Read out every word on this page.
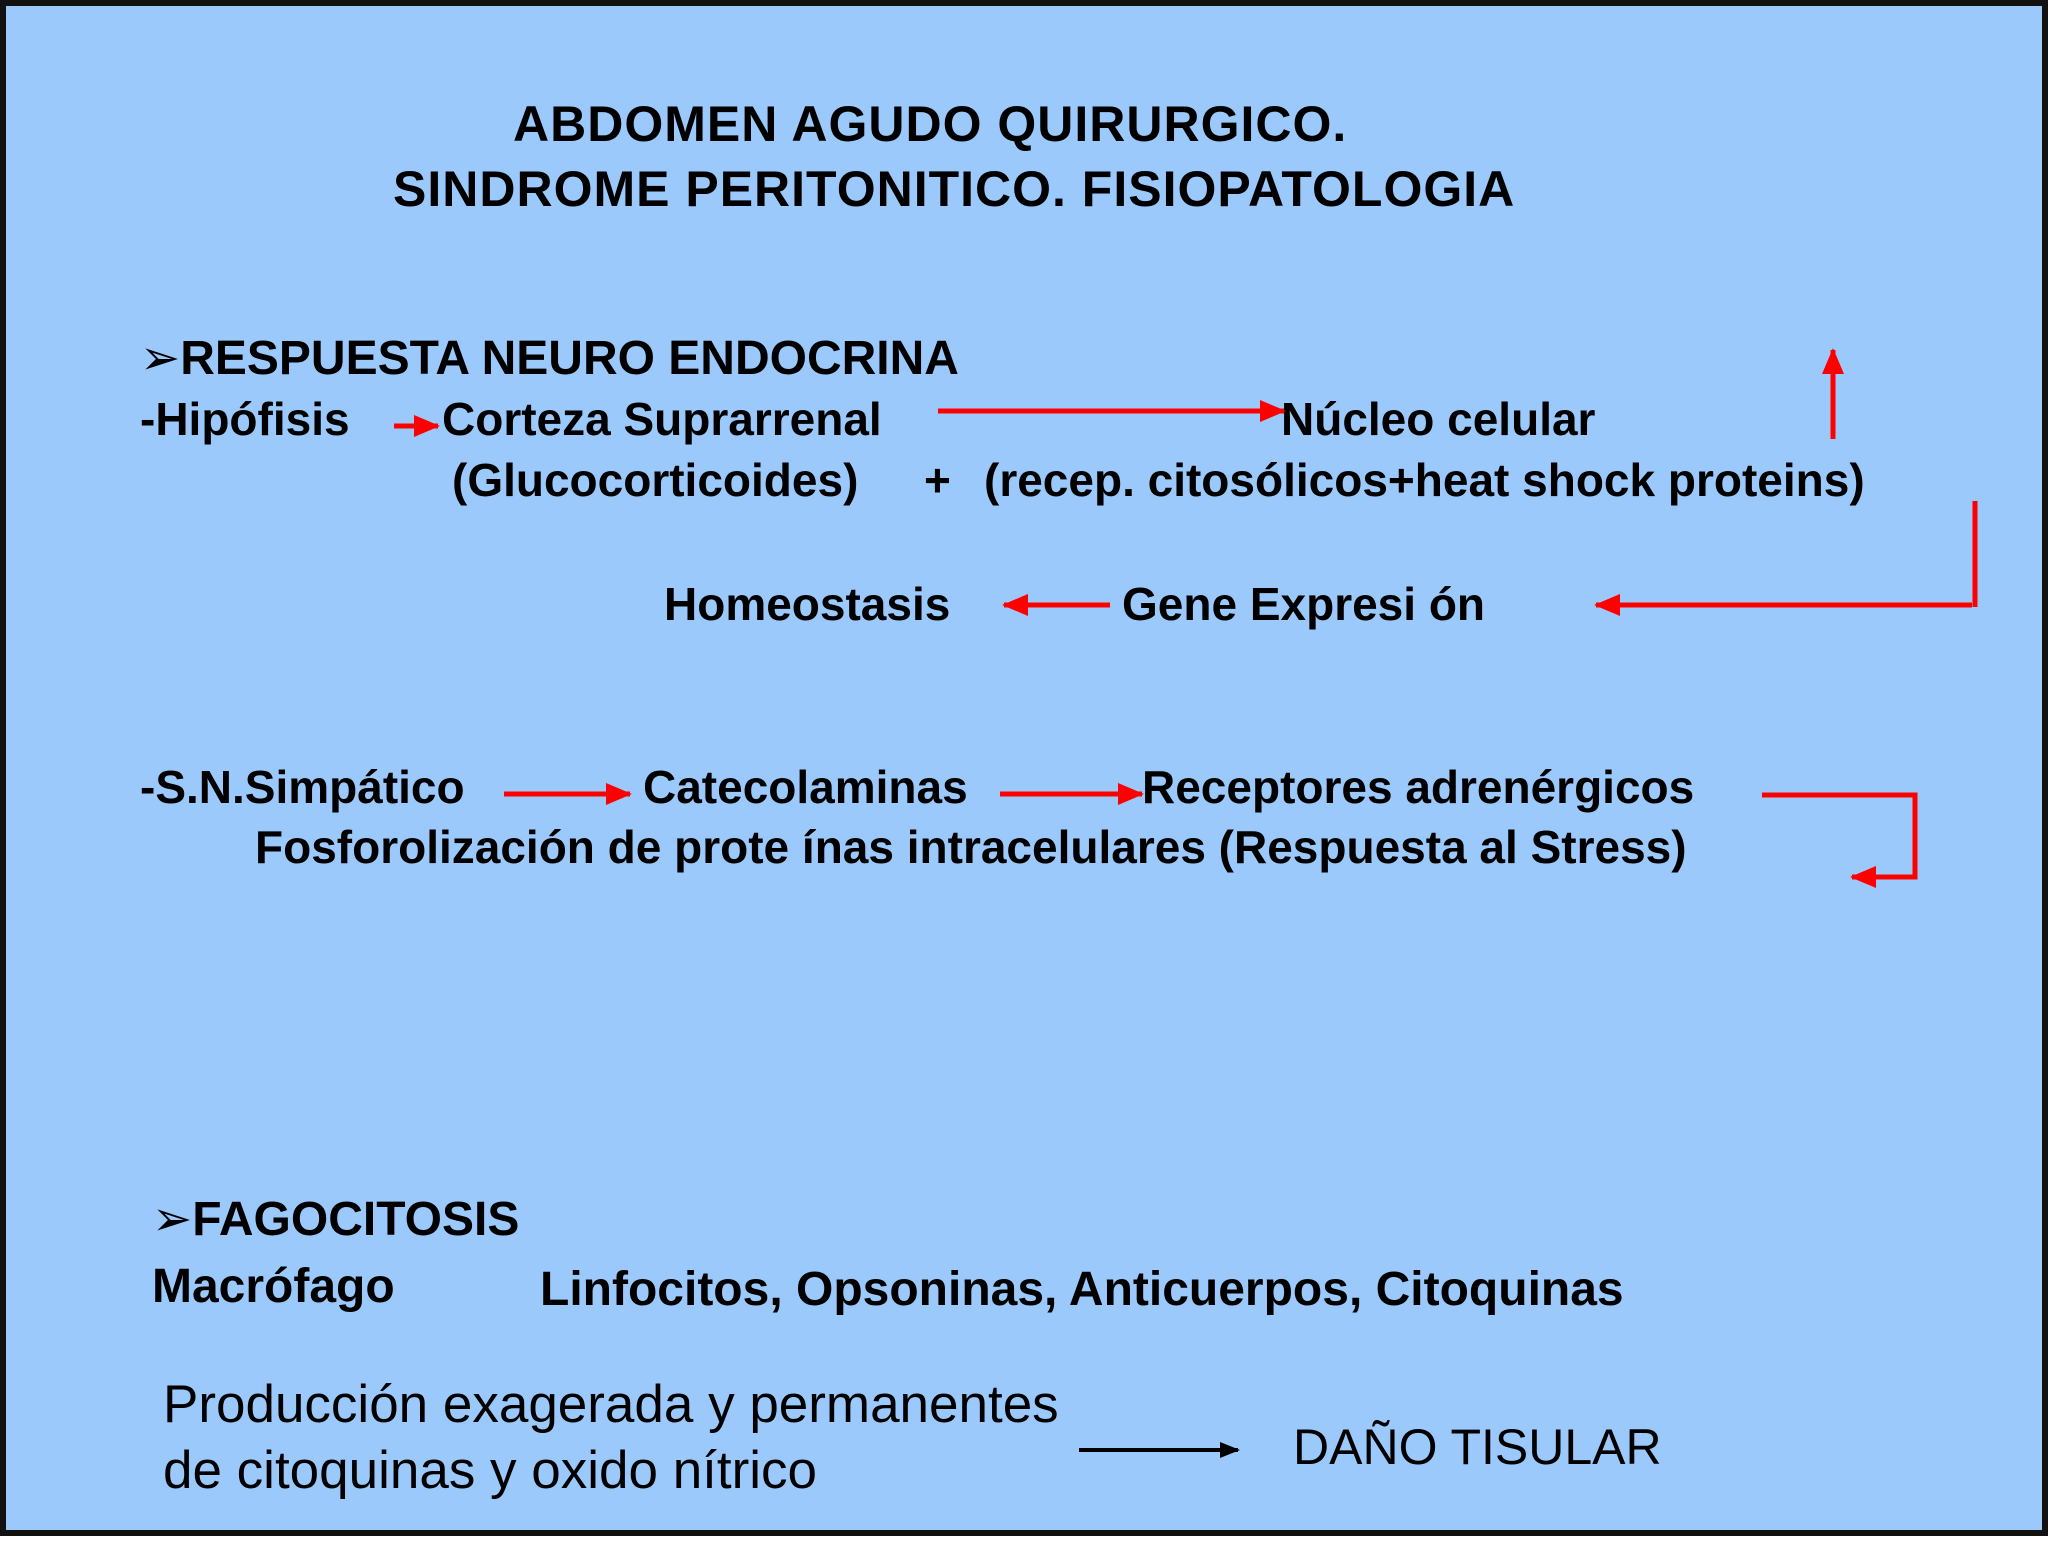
ABDOMEN AGUDO QUIRURGICO.
SINDROME PERITONITICO. FISIOPATOLOGIA
➢RESPUESTA NEURO ENDOCRINA
-Hipófisis Corteza Suprarrenal	Núcleo celular
(Glucocorticoides) + (recep. citosólicos+heat shock proteins)
Homeostasis	Gene Expresi ón
-S.N.Simpático	Catecolaminas	Receptores adrenérgicos
Fosforolización de prote ínas intracelulares (Respuesta al Stress)
➢FAGOCITOSIS
Macrófago	Linfocitos, Opsoninas, Anticuerpos, Citoquinas
Producción exagerada y permanentes
de citoquinas y oxido nítrico	DAÑO TISULAR
